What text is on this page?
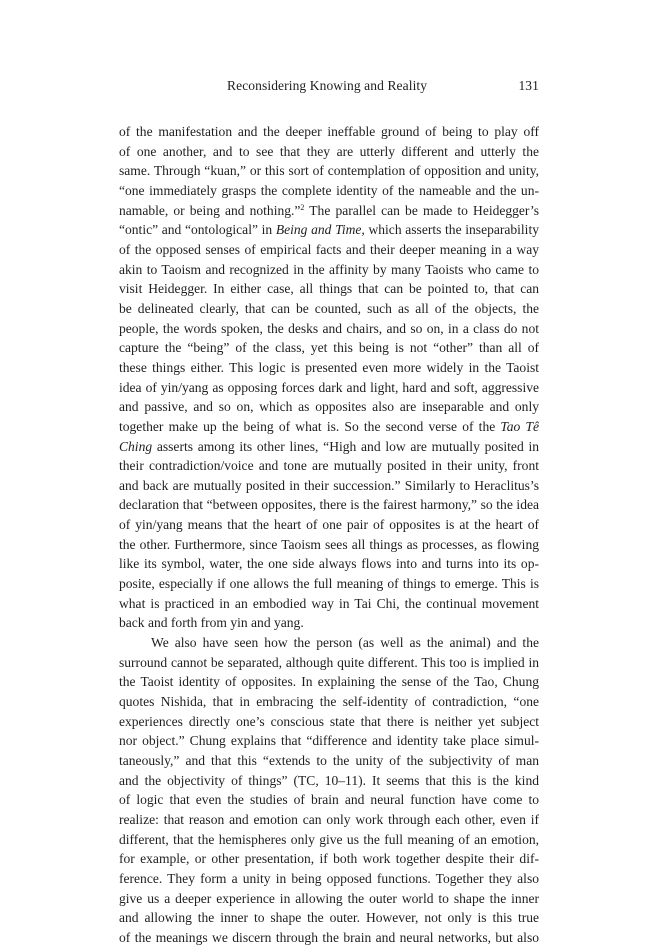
Reconsidering Knowing and Reality	131
of the manifestation and the deeper ineffable ground of being to play off
of one another, and to see that they are utterly different and utterly the
same. Through “kuan,” or this sort of contemplation of opposition and unity,
“one immediately grasps the complete identity of the nameable and the un-
namable, or being and nothing.”$^2$ The parallel can be made to Heidegger’s
“ontic” and “ontological” in Being and Time, which asserts the inseparability
of the opposed senses of empirical facts and their deeper meaning in a way
akin to Taoism and recognized in the affinity by many Taoists who came to
visit Heidegger. In either case, all things that can be pointed to, that can
be delineated clearly, that can be counted, such as all of the objects, the
people, the words spoken, the desks and chairs, and so on, in a class do not
capture the “being” of the class, yet this being is not “other” than all of
these things either. This logic is presented even more widely in the Taoist
idea of yin/yang as opposing forces dark and light, hard and soft, aggressive
and passive, and so on, which as opposites also are inseparable and only
together make up the being of what is. So the second verse of the Tao Tê
Ching asserts among its other lines, “High and low are mutually posited in
their contradiction/voice and tone are mutually posited in their unity, front
and back are mutually posited in their succession.” Similarly to Heraclitus’s
declaration that “between opposites, there is the fairest harmony,” so the idea
of yin/yang means that the heart of one pair of opposites is at the heart of
the other. Furthermore, since Taoism sees all things as processes, as flowing
like its symbol, water, the one side always flows into and turns into its op-
posite, especially if one allows the full meaning of things to emerge. This is
what is practiced in an embodied way in Tai Chi, the continual movement
back and forth from yin and yang.
We also have seen how the person (as well as the animal) and the
surround cannot be separated, although quite different. This too is implied in
the Taoist identity of opposites. In explaining the sense of the Tao, Chung
quotes Nishida, that in embracing the self-identity of contradiction, “one
experiences directly one’s conscious state that there is neither yet subject
nor object.” Chung explains that “difference and identity take place simul-
taneously,” and that this “extends to the unity of the subjectivity of man
and the objectivity of things” (TC, 10–11). It seems that this is the kind
of logic that even the studies of brain and neural function have come to
realize: that reason and emotion can only work through each other, even if
different, that the hemispheres only give us the full meaning of an emotion,
for example, or other presentation, if both work together despite their dif-
ference. They form a unity in being opposed functions. Together they also
give us a deeper experience in allowing the outer world to shape the inner
and allowing the inner to shape the outer. However, not only is this true
of the meanings we discern through the brain and neural networks, but also
